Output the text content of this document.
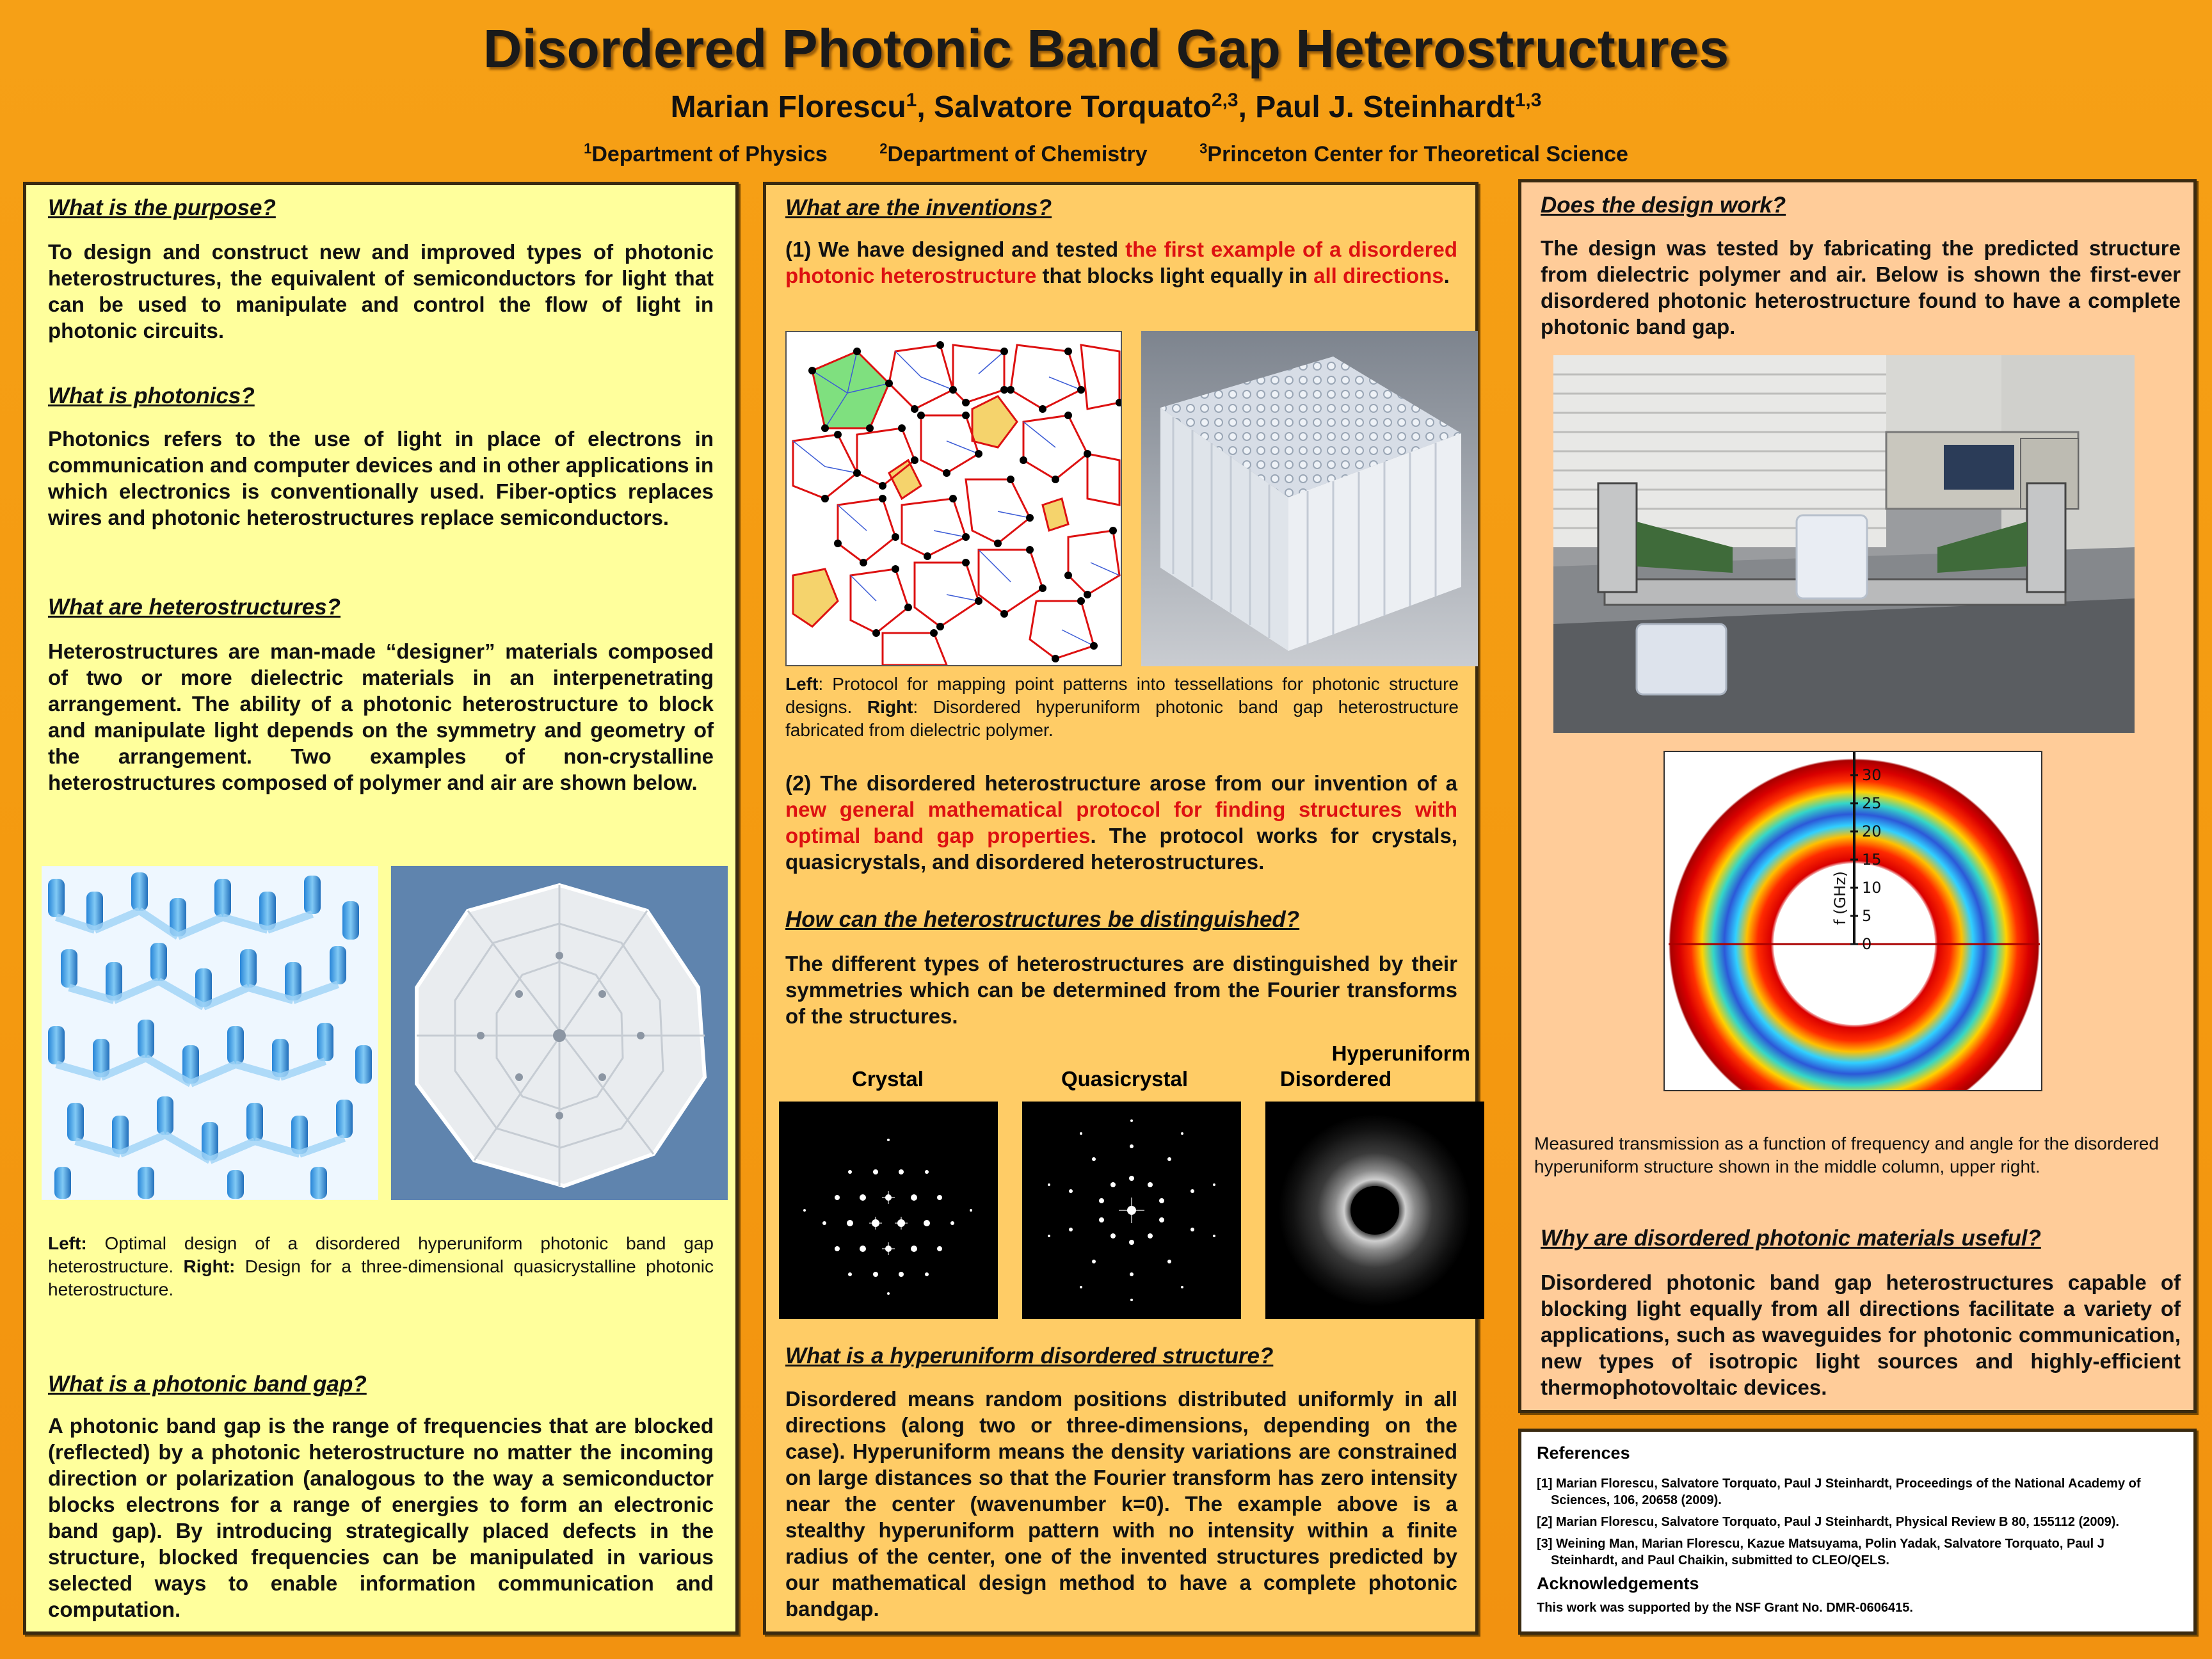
Disordered Photonic Band Gap Heterostructures
Marian Florescu$^1$, Salvatore Torquato$^{2,3}$, Paul J. Steinhardt$^{1,3}$
$^1$Department of Physics	$^2$Department of Chemistry	$^3$Princeton Center for Theoretical Science
What is the purpose?
To design and construct new and improved types of photonic heterostructures, the equivalent of semiconductors for light that can be used to manipulate and control the flow of light in photonic circuits.
What is photonics?
Photonics refers to the use of light in place of electrons in communication and computer devices and in other applications in which electronics is conventionally used. Fiber-optics replaces wires and photonic heterostructures replace semiconductors.
What are heterostructures?
Heterostructures are man-made “designer” materials composed of two or more dielectric materials in an interpenetrating arrangement. The ability of a photonic heterostructure to block and manipulate light depends on the symmetry and geometry of the arrangement. Two examples of non-crystalline heterostructures composed of polymer and air are shown below.
Left: Optimal design of a disordered hyperuniform photonic band gap heterostructure. Right: Design for a three-dimensional quasicrystalline photonic heterostructure.
What is a photonic band gap?
A photonic band gap is the range of frequencies that are blocked (reflected) by a photonic heterostructure no matter the incoming direction or polarization (analogous to the way a semiconductor blocks electrons for a range of energies to form an electronic band gap). By introducing strategically placed defects in the structure, blocked frequencies can be manipulated in various selected ways to enable information communication and computation.
What are the inventions?
(1) We have designed and tested the first example of a disordered photonic heterostructure that blocks light equally in all directions.
Left: Protocol for mapping point patterns into tessellations for photonic structure designs. Right: Disordered hyperuniform photonic band gap heterostructure fabricated from dielectric polymer.
(2) The disordered heterostructure arose from our invention of a new general mathematical protocol for finding structures with optimal band gap properties. The protocol works for crystals, quasicrystals, and disordered heterostructures.
How can the heterostructures be distinguished?
The different types of heterostructures are distinguished by their symmetries which can be determined from the Fourier transforms of the structures.
Crystal	Quasicrystal
Hyperuniform
Disordered
What is a hyperuniform disordered structure?
Disordered means random positions distributed uniformly in all directions (along two or three-dimensions, depending on the case). Hyperuniform means the density variations are constrained on large distances so that the Fourier transform has zero intensity near the center (wavenumber k=0). The example above is a stealthy hyperuniform pattern with no intensity within a finite radius of the center, one of the invented structures predicted by our mathematical design method to have a complete photonic bandgap.
Does the design work?
The design was tested by fabricating the predicted structure from dielectric polymer and air. Below is shown the first-ever disordered photonic heterostructure found to have a complete photonic band gap.
0
5
10
15
20
25
30
f (GHz)
Measured transmission as a function of frequency and angle for the disordered hyperuniform structure shown in the middle column, upper right.
Why are disordered photonic materials useful?
Disordered photonic band gap heterostructures capable of blocking light equally from all directions facilitate a variety of applications, such as waveguides for photonic communication, new types of isotropic light sources and highly-efficient thermophotovoltaic devices.
References
[1] Marian Florescu, Salvatore Torquato, Paul J Steinhardt, Proceedings of the National Academy of
Sciences, 106, 20658 (2009).
[2] Marian Florescu, Salvatore Torquato, Paul J Steinhardt, Physical Review B 80, 155112 (2009).
[3] Weining Man, Marian Florescu, Kazue Matsuyama, Polin Yadak, Salvatore Torquato, Paul J
Steinhardt, and Paul Chaikin, submitted to CLEO/QELS.
Acknowledgements
This work was supported by the NSF Grant No. DMR-0606415.
